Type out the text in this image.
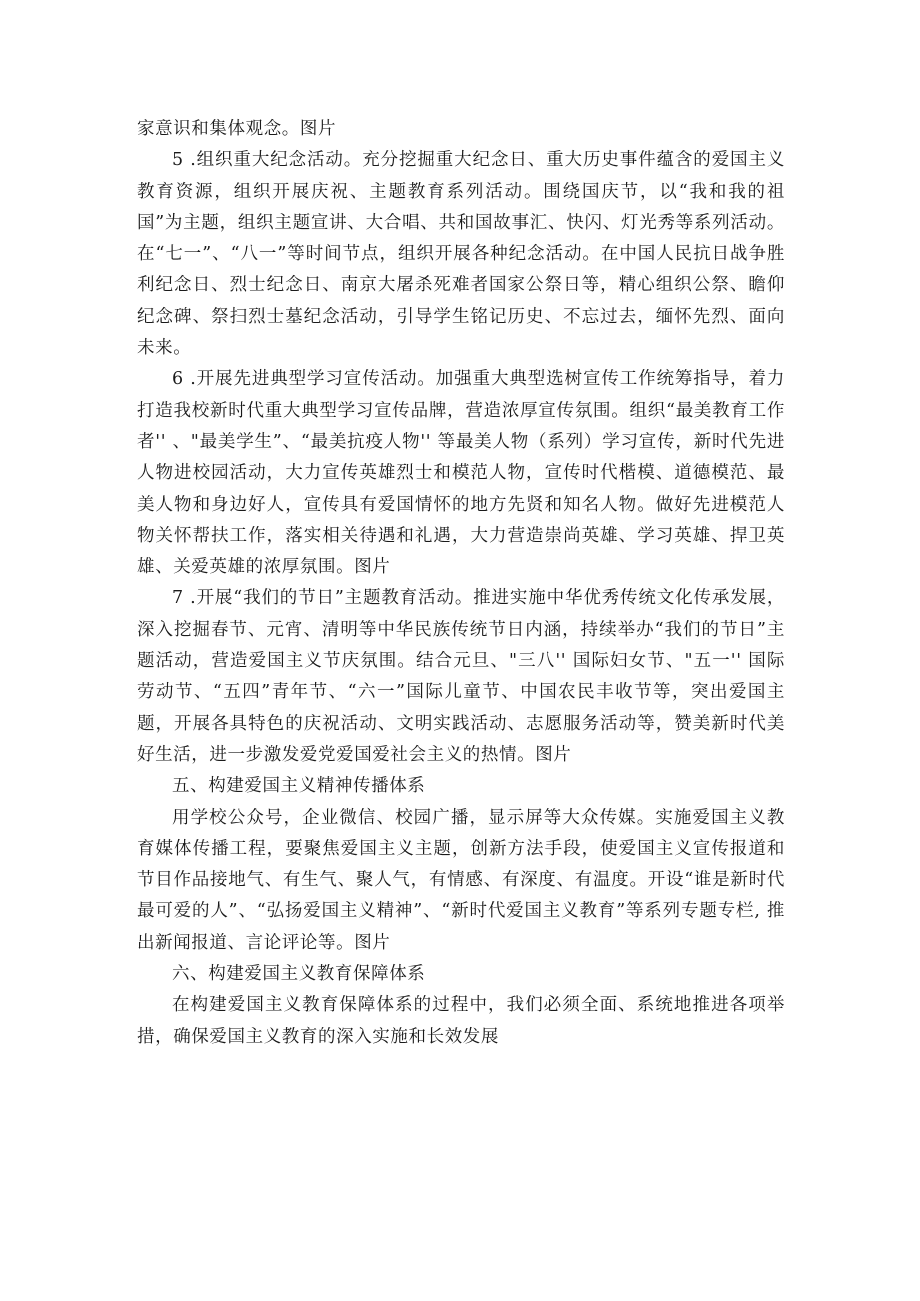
家意识和集体观念。图片

5 .组织重大纪念活动。充分挖掘重大纪念日、重大历史事件蕴含的爱国主义教育资源，组织开展庆祝、主题教育系列活动。围绕国庆节，以“我和我的祖国”为主题，组织主题宣讲、大合唱、共和国故事汇、快闪、灯光秀等系列活动。在“七一”、“八一”等时间节点，组织开展各种纪念活动。在中国人民抗日战争胜利纪念日、烈士纪念日、南京大屠杀死难者国家公祭日等，精心组织公祭、瞻仰纪念碑、祭扫烈士墓纪念活动，引导学生铭记历史、不忘过去，缅怀先烈、面向未来。

6 .开展先进典型学习宣传活动。加强重大典型选树宣传工作统筹指导，着力打造我校新时代重大典型学习宣传品牌，营造浓厚宣传氛围。组织“最美教育工作者'' 、"最美学生”、“最美抗疫人物'' 等最美人物（系列）学习宣传，新时代先进人物进校园活动，大力宣传英雄烈士和模范人物，宣传时代楷模、道德模范、最美人物和身边好人，宣传具有爱国情怀的地方先贤和知名人物。做好先进模范人物关怀帮扶工作，落实相关待遇和礼遇，大力营造崇尚英雄、学习英雄、捍卫英雄、关爱英雄的浓厚氛围。图片

7 .开展“我们的节日”主题教育活动。推进实施中华优秀传统文化传承发展，深入挖掘春节、元宵、清明等中华民族传统节日内涵，持续举办“我们的节日”主题活动，营造爱国主义节庆氛围。结合元旦、"三八'' 国际妇女节、"五一'' 国际劳动节、“五四”青年节、“六一”国际儿童节、中国农民丰收节等，突出爱国主题，开展各具特色的庆祝活动、文明实践活动、志愿服务活动等，赞美新时代美好生活，进一步激发爱党爱国爱社会主义的热情。图片

五、构建爱国主义精神传播体系

用学校公众号，企业微信、校园广播，显示屏等大众传媒。实施爱国主义教育媒体传播工程，要聚焦爱国主义主题，创新方法手段，使爱国主义宣传报道和节目作品接地气、有生气、聚人气，有情感、有深度、有温度。开设“谁是新时代最可爱的人”、“弘扬爱国主义精神”、“新时代爱国主义教育”等系列专题专栏, 推出新闻报道、言论评论等。图片

六、构建爱国主义教育保障体系

在构建爱国主义教育保障体系的过程中，我们必须全面、系统地推进各项举措，确保爱国主义教育的深入实施和长效发展
